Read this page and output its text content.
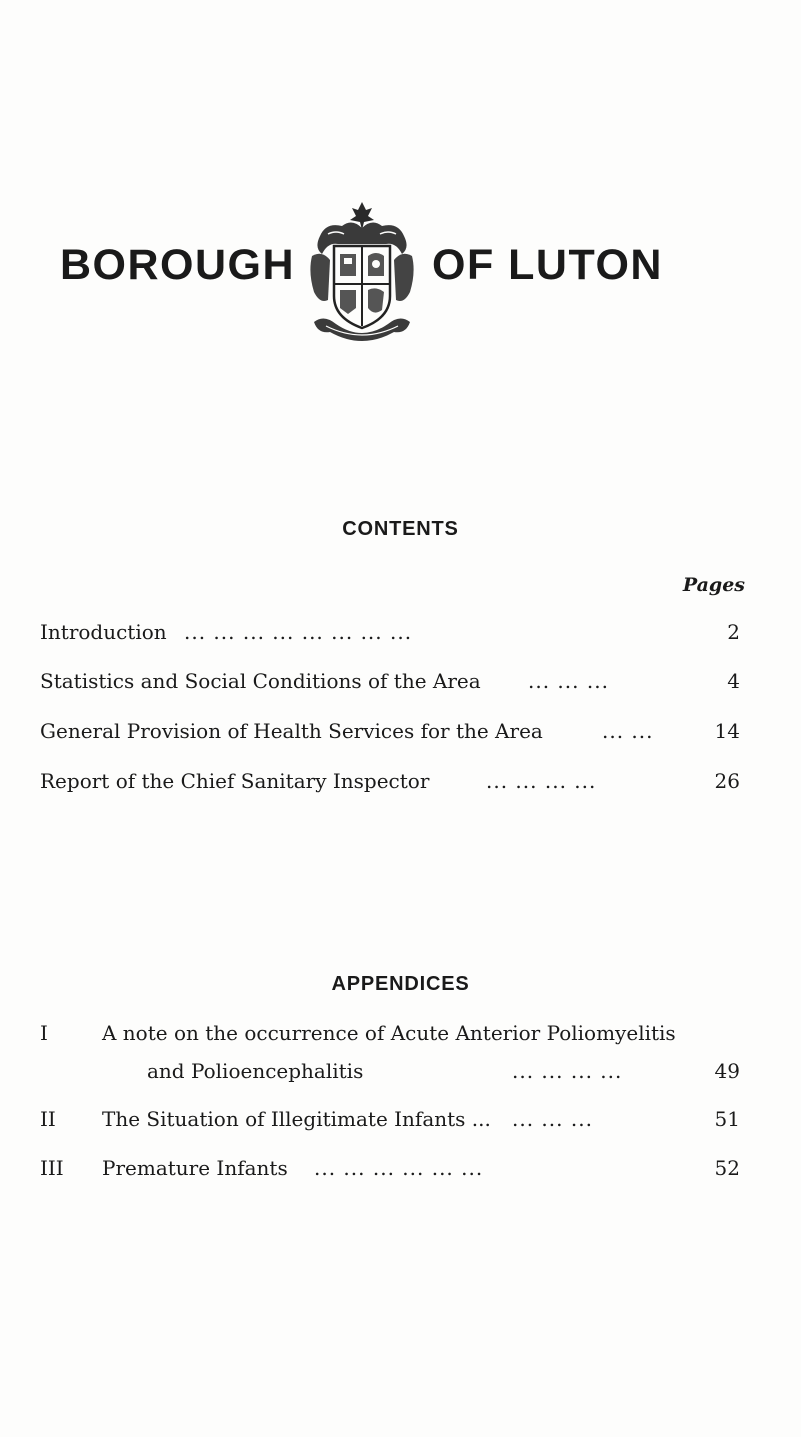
BOROUGH	OF LUTON
CONTENTS
Pages
Introduction ... ... ... ... ... ... ... ...	2
Statistics and Social Conditions of the Area ... ... ...	4
General Provision of Health Services for the Area	... ...	14
Report of the Chief Sanitary Inspector	... ... ... ...	26
APPENDICES
I	A note on the occurrence of Acute Anterior Poliomyelitis
and Polioencephalitis	... ... ... ...	49
II The Situation of Illegitimate Infants ... ... ... ...	51
III Premature Infants ... ... ... ... ... ...	52
